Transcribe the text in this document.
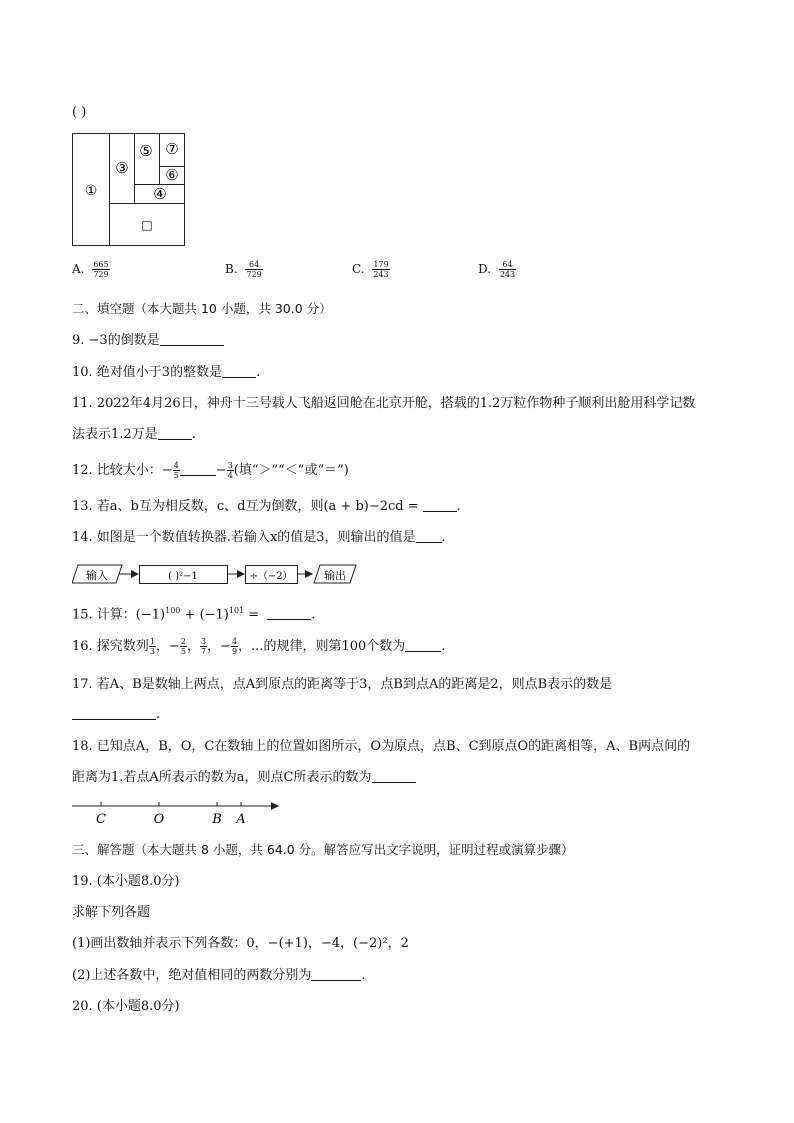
( )
①
③
⑤ ⑦
⑥
④
□
A. $\frac{665}{729}$	B. $\frac{64}{729}$	C. $\frac{179}{243}$	D. $\frac{64}{243}$
二、填空题（本大题共 10 小题，共 30.0 分）
9. −3的倒数是
10. 绝对值小于3的整数是	.
11. 2022年4月26日，神舟十三号载人飞船返回舱在北京开舱，搭载的1.2万粒作物种子顺利出舱用科学记数
法表示1.2万是	.
12. 比较大小：− $\frac{4}{5}$	− $\frac{3}{4}$ (填“＞”“＜”或“＝”)
13. 若a、b互为相反数，c、d互为倒数，则(a + b)−2cd =	.
14. 如图是一个数值转换器.若输入x的值是3，则输出的值是 .
输入	( )²−1	÷（−2）	输出
15. 计算：$(-1)^{100} + (-1)^{101}$ =	.
16. 探究数列 $\frac{1}{3}$ ，− $\frac{2}{5}$ ， $\frac{3}{7}$ ，− $\frac{4}{9}$ ，...的规律，则第100个数为	.
17. 若A、B是数轴上两点，点A到原点的距离等于3，点B到点A的距离是2，则点B表示的数是
.
18. 已知点A，B，O，C在数轴上的位置如图所示，O为原点，点B、C到原点O的距离相等，A、B两点间的
距离为1.若点A所表示的数为a，则点C所表示的数为
C	O	B A
三、解答题（本大题共 8 小题，共 64.0 分。解答应写出文字说明，证明过程或演算步骤）
19. (本小题8.0分)
求解下列各题
(1)画出数轴并表示下列各数：0，−(+1)，−4，(−2)²，2
(2)上述各数中，绝对值相同的两数分别为	.
20. (本小题8.0分)
